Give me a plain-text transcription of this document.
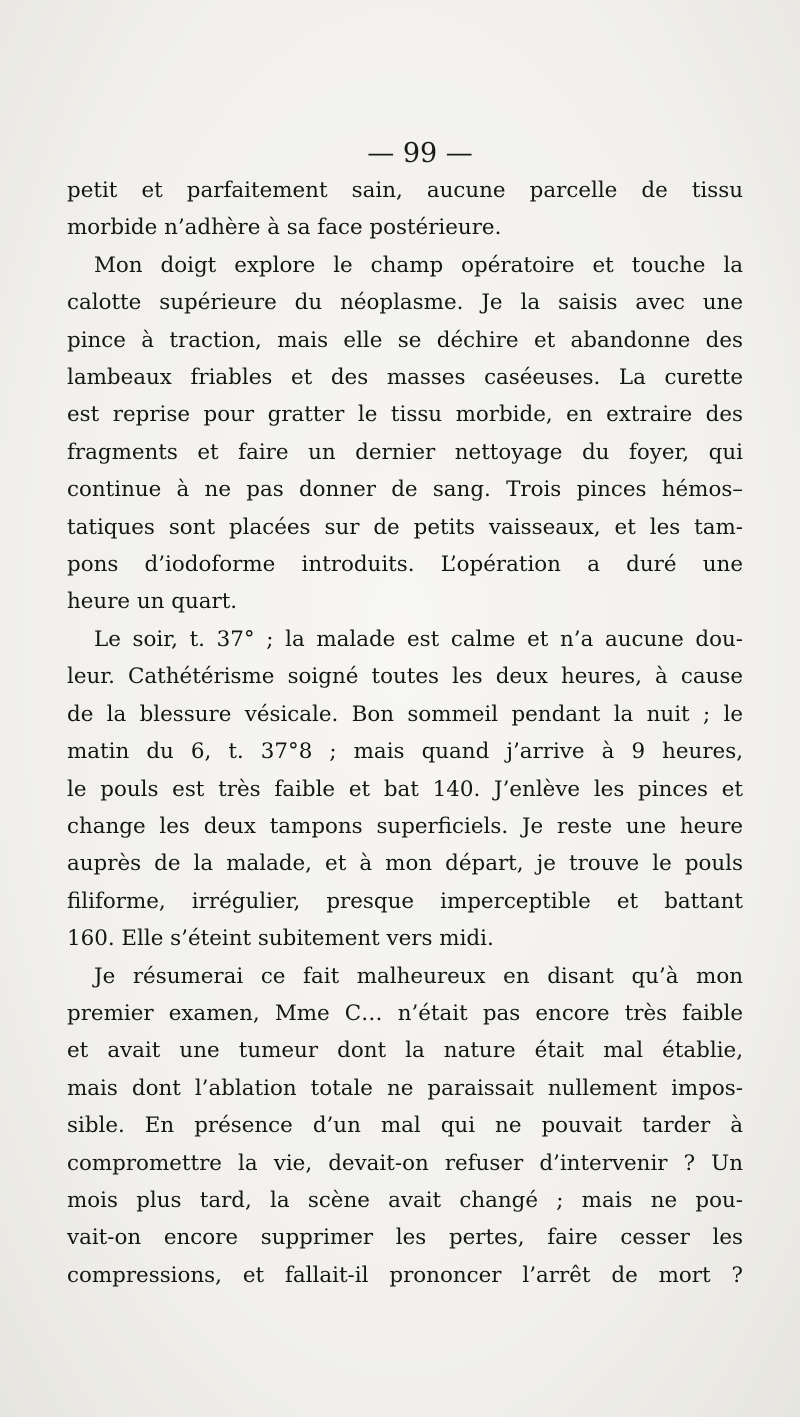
— 99 —
petit et parfaitement sain, aucune parcelle de tissu
morbide n’adhère à sa face postérieure.
Mon doigt explore le champ opératoire et touche la
calotte supérieure du néoplasme. Je la saisis avec une
pince à traction, mais elle se déchire et abandonne des
lambeaux friables et des masses caséeuses. La curette
est reprise pour gratter le tissu morbide, en extraire des
fragments et faire un dernier nettoyage du foyer, qui
continue à ne pas donner de sang. Trois pinces hémos–
tatiques sont placées sur de petits vaisseaux, et les tam-
pons d’iodoforme introduits. L’opération a duré une
heure un quart.
Le soir, t. 37° ; la malade est calme et n’a aucune dou-
leur. Cathétérisme soigné toutes les deux heures, à cause
de la blessure vésicale. Bon sommeil pendant la nuit ; le
matin du 6, t. 37°8 ; mais quand j’arrive à 9 heures,
le pouls est très faible et bat 140. J’enlève les pinces et
change les deux tampons superficiels. Je reste une heure
auprès de la malade, et à mon départ, je trouve le pouls
filiforme, irrégulier, presque imperceptible et battant
160. Elle s’éteint subitement vers midi.
Je résumerai ce fait malheureux en disant qu’à mon
premier examen, Mme C… n’était pas encore très faible
et avait une tumeur dont la nature était mal établie,
mais dont l’ablation totale ne paraissait nullement impos-
sible. En présence d’un mal qui ne pouvait tarder à
compromettre la vie, devait-on refuser d’intervenir ? Un
mois plus tard, la scène avait changé ; mais ne pou-
vait-on encore supprimer les pertes, faire cesser les
compressions, et fallait-il prononcer l’arrêt de mort ?
